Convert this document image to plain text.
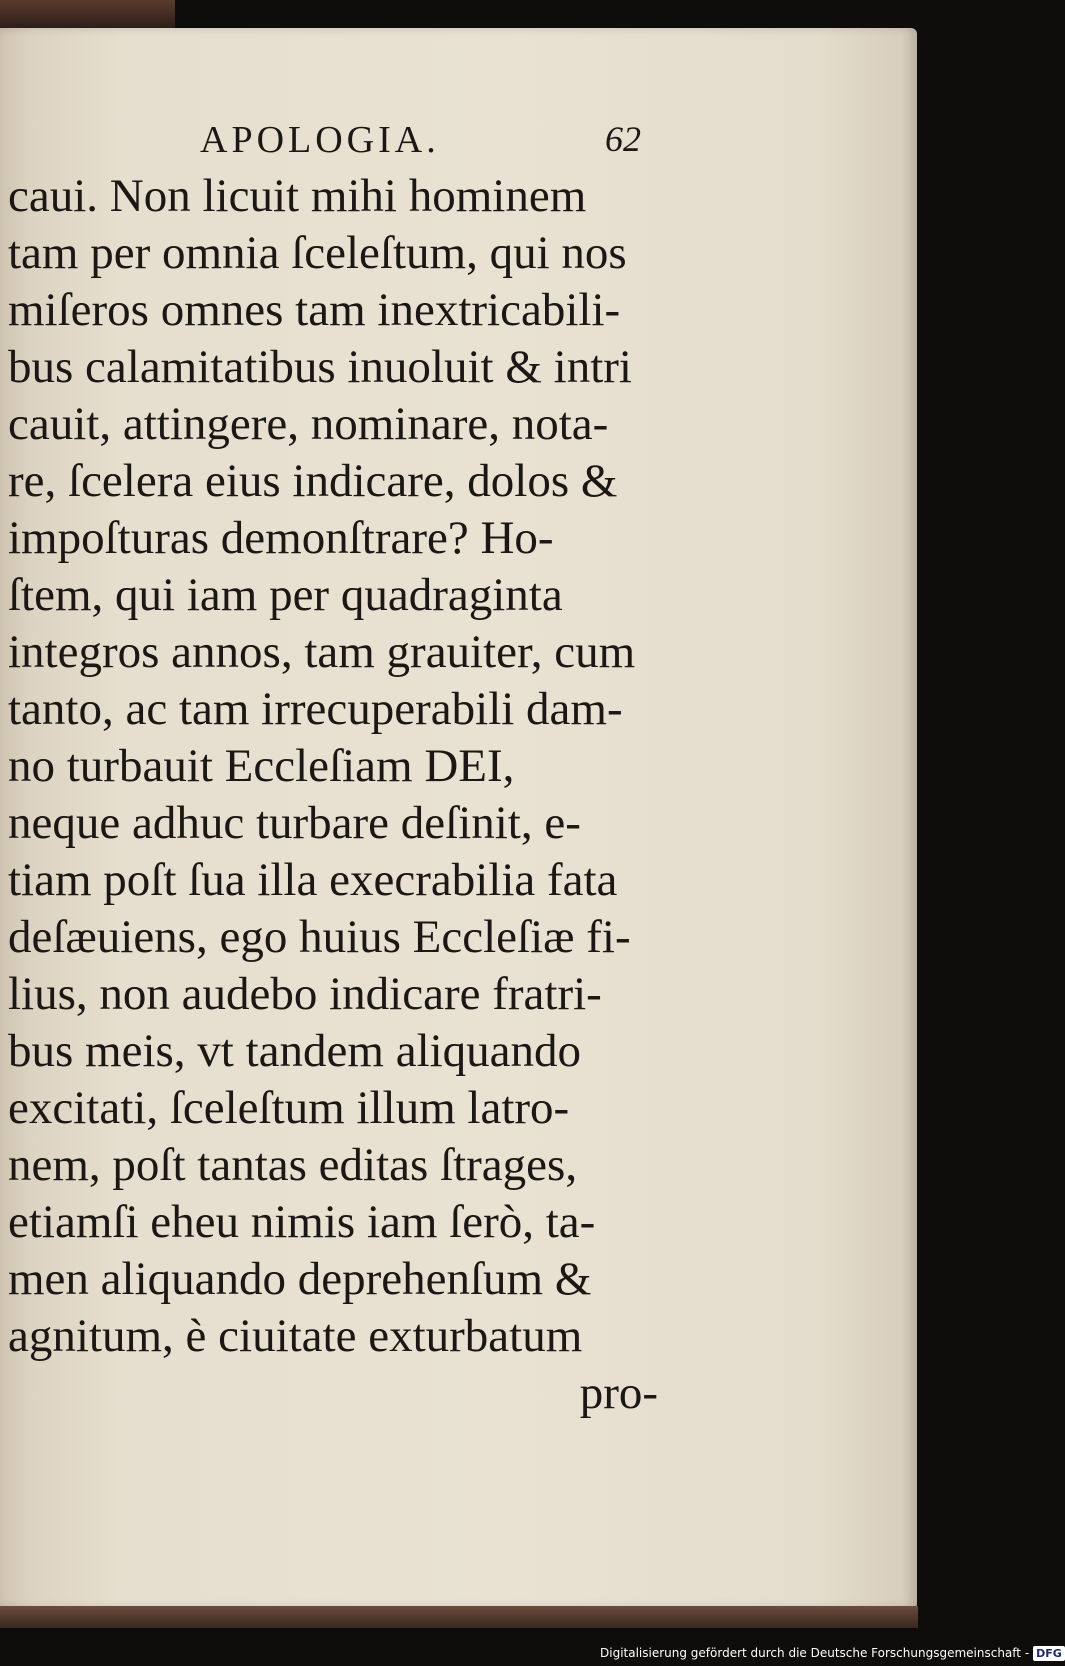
APOLOGIA.	62
caui. Non licuit mihi hominem
tam per omnia ſceleſtum, qui nos
miſeros omnes tam inextricabili-
bus calamitatibus inuoluit & intri
cauit, attingere, nominare, nota-
re, ſcelera eius indicare, dolos &
impoſturas demonſtrare? Ho-
ſtem, qui iam per quadraginta
integros annos, tam grauiter, cum
tanto, ac tam irrecuperabili dam-
no turbauit Eccleſiam DEI,
neque adhuc turbare deſinit, e-
tiam poſt ſua illa execrabilia fata
deſæuiens, ego huius Eccleſiæ fi-
lius, non audebo indicare fratri-
bus meis, vt tandem aliquando
excitati, ſceleſtum illum latro-
nem, poſt tantas editas ſtrages,
etiamſi eheu nimis iam ſerò, ta-
men aliquando deprehenſum &
agnitum, è ciuitate exturbatum
pro-
Digitalisierung gefördert durch die Deutsche Forschungsgemeinschaft - DFG
